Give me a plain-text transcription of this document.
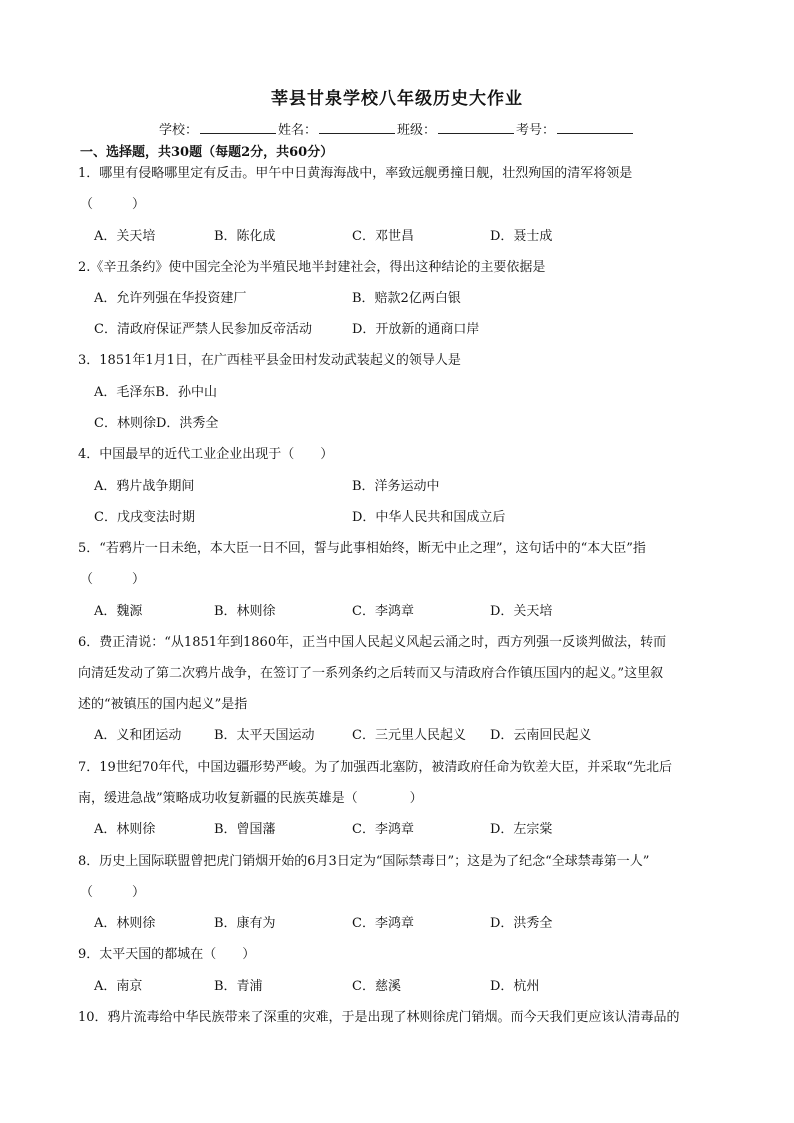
莘县甘泉学校八年级历史大作业
学校：	姓名：	班级：	考号：
一、选择题，共30题（每题2分，共60分）
1．哪里有侵略哪里定有反击。甲午中日黄海海战中，率致远舰勇撞日舰，壮烈殉国的清军将领是
（　　　）
A．关天培	B．陈化成	C．邓世昌	D．聂士成
2.《辛丑条约》使中国完全沦为半殖民地半封建社会，得出这种结论的主要依据是
A．允许列强在华投资建厂	B．赔款2亿两白银
C．清政府保证严禁人民参加反帝活动	D．开放新的通商口岸
3．1851年1月1日，在广西桂平县金田村发动武装起义的领导人是
A．毛泽东B．孙中山
C．林则徐D．洪秀全
4．中国最早的近代工业企业出现于（　　）
A．鸦片战争期间	B．洋务运动中
C．戊戌变法时期	D．中华人民共和国成立后
5．“若鸦片一日未绝，本大臣一日不回，誓与此事相始终，断无中止之理”，这句话中的“本大臣”指
（　　　）
A．魏源	B．林则徐	C．李鸿章	D．关天培
6．费正清说：“从1851年到1860年，正当中国人民起义风起云涌之时，西方列强一反谈判做法，转而
向清廷发动了第二次鸦片战争，在签订了一系列条约之后转而又与清政府合作镇压国内的起义。”这里叙
述的“被镇压的国内起义”是指
A．义和团运动	B．太平天国运动	C．三元里人民起义 D．云南回民起义
7．19世纪70年代，中国边疆形势严峻。为了加强西北塞防，被清政府任命为钦差大臣，并采取“先北后
南，缓进急战”策略成功收复新疆的民族英雄是（　　　　）
A．林则徐	B．曾国藩	C．李鸿章	D．左宗棠
8．历史上国际联盟曾把虎门销烟开始的6月3日定为“国际禁毒日”；这是为了纪念“全球禁毒第一人”
（　　　）
A．林则徐	B．康有为	C．李鸿章	D．洪秀全
9．太平天国的都城在（　　）
A．南京	B．青浦	C．慈溪	D．杭州
10．鸦片流毒给中华民族带来了深重的灾难，于是出现了林则徐虎门销烟。而今天我们更应该认清毒品的
